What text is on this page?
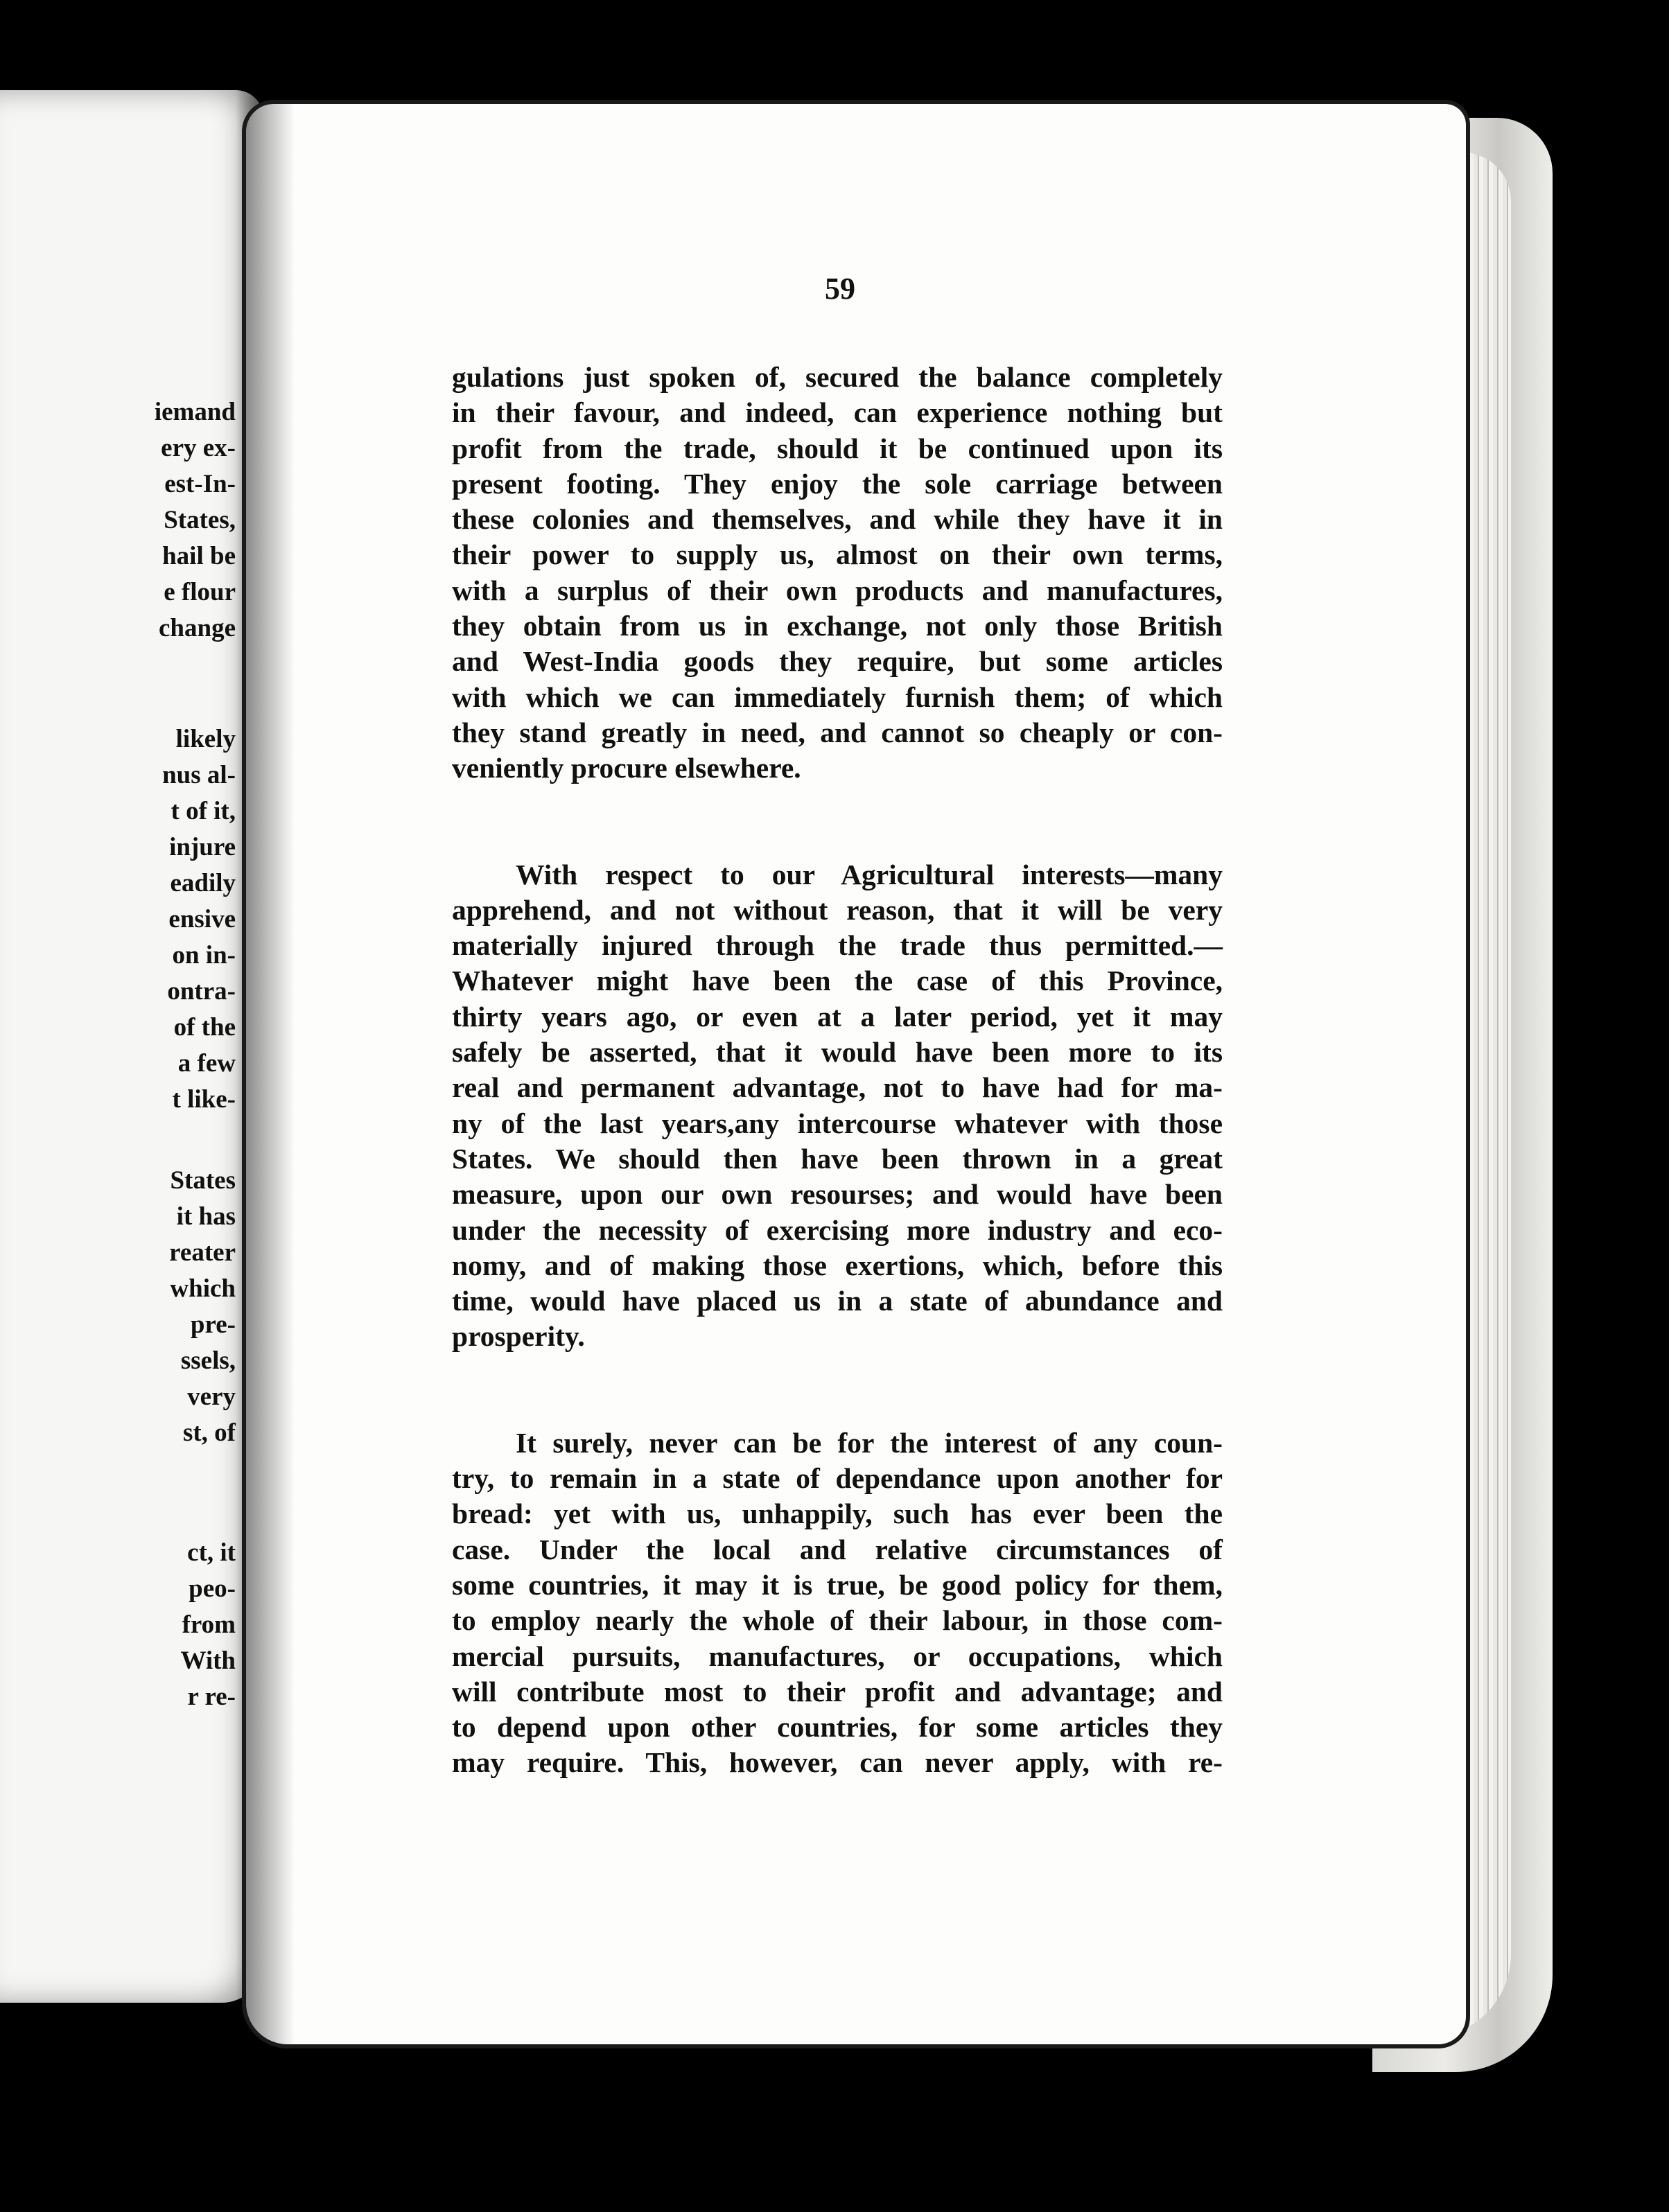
iemand
ery ex-
est-In-
States,
hail be
e flour
change
likely
nus al-
t of it,
injure
eadily
ensive
on in-
ontra-
of the
a few
t like-
States
it has
reater
which
pre-
ssels,
very
st, of
ct, it
peo-
from
With
r re-
59
gulations just spoken of, secured the balance completely
in their favour, and indeed, can experience nothing but
profit from the trade, should it be continued upon its
present footing. They enjoy the sole carriage between
these colonies and themselves, and while they have it in
their power to supply us, almost on their own terms,
with a surplus of their own products and manufactures,
they obtain from us in exchange, not only those British
and West-India goods they require, but some articles
with which we can immediately furnish them; of which
they stand greatly in need, and cannot so cheaply or con-
veniently procure elsewhere.
With respect to our Agricultural interests—many
apprehend, and not without reason, that it will be very
materially injured through the trade thus permitted.—
Whatever might have been the case of this Province,
thirty years ago, or even at a later period, yet it may
safely be asserted, that it would have been more to its
real and permanent advantage, not to have had for ma-
ny of the last years,any intercourse whatever with those
States. We should then have been thrown in a great
measure, upon our own resourses; and would have been
under the necessity of exercising more industry and eco-
nomy, and of making those exertions, which, before this
time, would have placed us in a state of abundance and
prosperity.
It surely, never can be for the interest of any coun-
try, to remain in a state of dependance upon another for
bread: yet with us, unhappily, such has ever been the
case. Under the local and relative circumstances of
some countries, it may it is true, be good policy for them,
to employ nearly the whole of their labour, in those com-
mercial pursuits, manufactures, or occupations, which
will contribute most to their profit and advantage; and
to depend upon other countries, for some articles they
may require. This, however, can never apply, with re-
